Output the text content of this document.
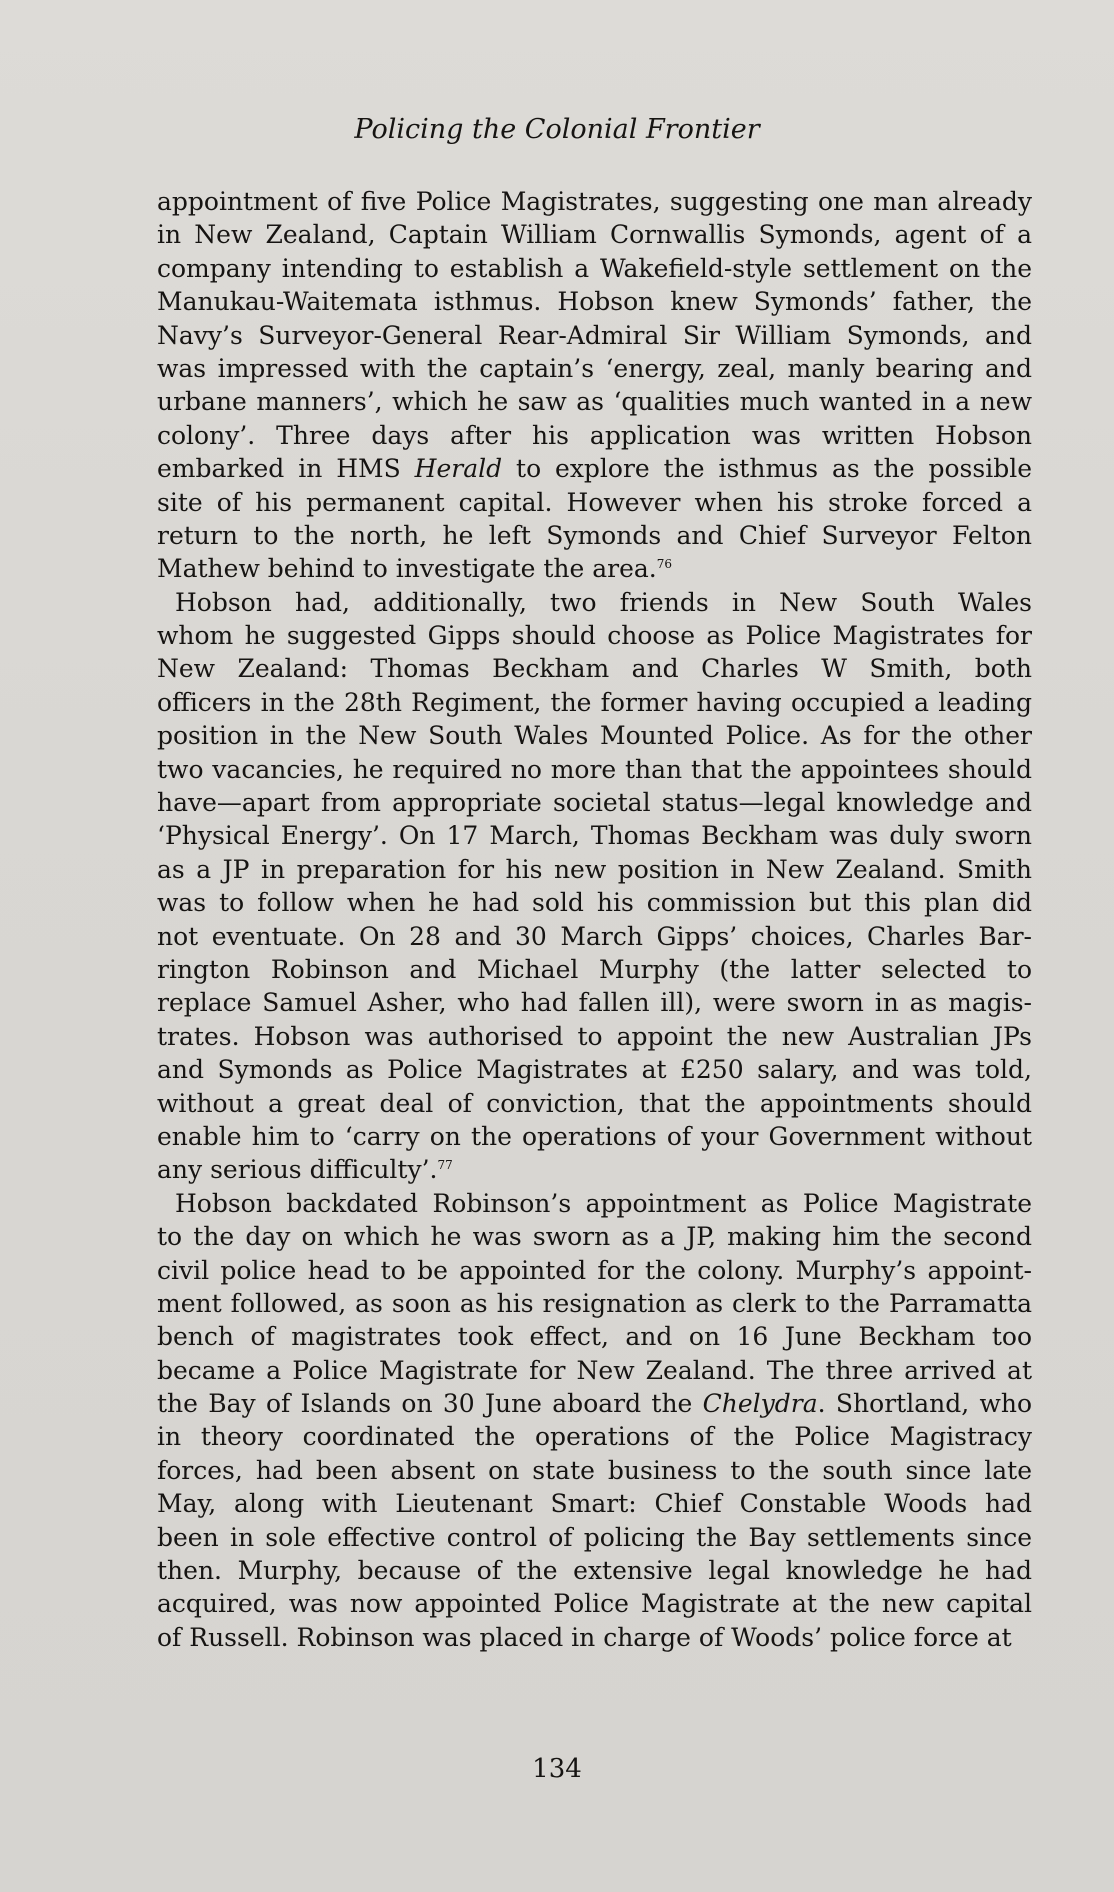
Policing the Colonial Frontier
appointment of five Police Magistrates, suggesting one man already
in New Zealand, Captain William Cornwallis Symonds, agent of a
company intending to establish a Wakefield-style settlement on the
Manukau-Waitemata isthmus. Hobson knew Symonds’ father, the
Navy’s Surveyor-General Rear-Admiral Sir William Symonds, and
was impressed with the captain’s ‘energy, zeal, manly bearing and
urbane manners’, which he saw as ‘qualities much wanted in a new
colony’. Three days after his application was written Hobson
embarked in HMS Herald to explore the isthmus as the possible
site of his permanent capital. However when his stroke forced a
return to the north, he left Symonds and Chief Surveyor Felton
Mathew behind to investigate the area.$^{76}$
Hobson had, additionally, two friends in New South Wales
whom he suggested Gipps should choose as Police Magistrates for
New Zealand: Thomas Beckham and Charles W Smith, both
officers in the 28th Regiment, the former having occupied a leading
position in the New South Wales Mounted Police. As for the other
two vacancies, he required no more than that the appointees should
have—apart from appropriate societal status—legal knowledge and
‘Physical Energy’. On 17 March, Thomas Beckham was duly sworn
as a JP in preparation for his new position in New Zealand. Smith
was to follow when he had sold his commission but this plan did
not eventuate. On 28 and 30 March Gipps’ choices, Charles Bar-
rington Robinson and Michael Murphy (the latter selected to
replace Samuel Asher, who had fallen ill), were sworn in as magis-
trates. Hobson was authorised to appoint the new Australian JPs
and Symonds as Police Magistrates at £250 salary, and was told,
without a great deal of conviction, that the appointments should
enable him to ‘carry on the operations of your Government without
any serious difficulty’.$^{77}$
Hobson backdated Robinson’s appointment as Police Magistrate
to the day on which he was sworn as a JP, making him the second
civil police head to be appointed for the colony. Murphy’s appoint-
ment followed, as soon as his resignation as clerk to the Parramatta
bench of magistrates took effect, and on 16 June Beckham too
became a Police Magistrate for New Zealand. The three arrived at
the Bay of Islands on 30 June aboard the Chelydra. Shortland, who
in theory coordinated the operations of the Police Magistracy
forces, had been absent on state business to the south since late
May, along with Lieutenant Smart: Chief Constable Woods had
been in sole effective control of policing the Bay settlements since
then. Murphy, because of the extensive legal knowledge he had
acquired, was now appointed Police Magistrate at the new capital
of Russell. Robinson was placed in charge of Woods’ police force at
134
